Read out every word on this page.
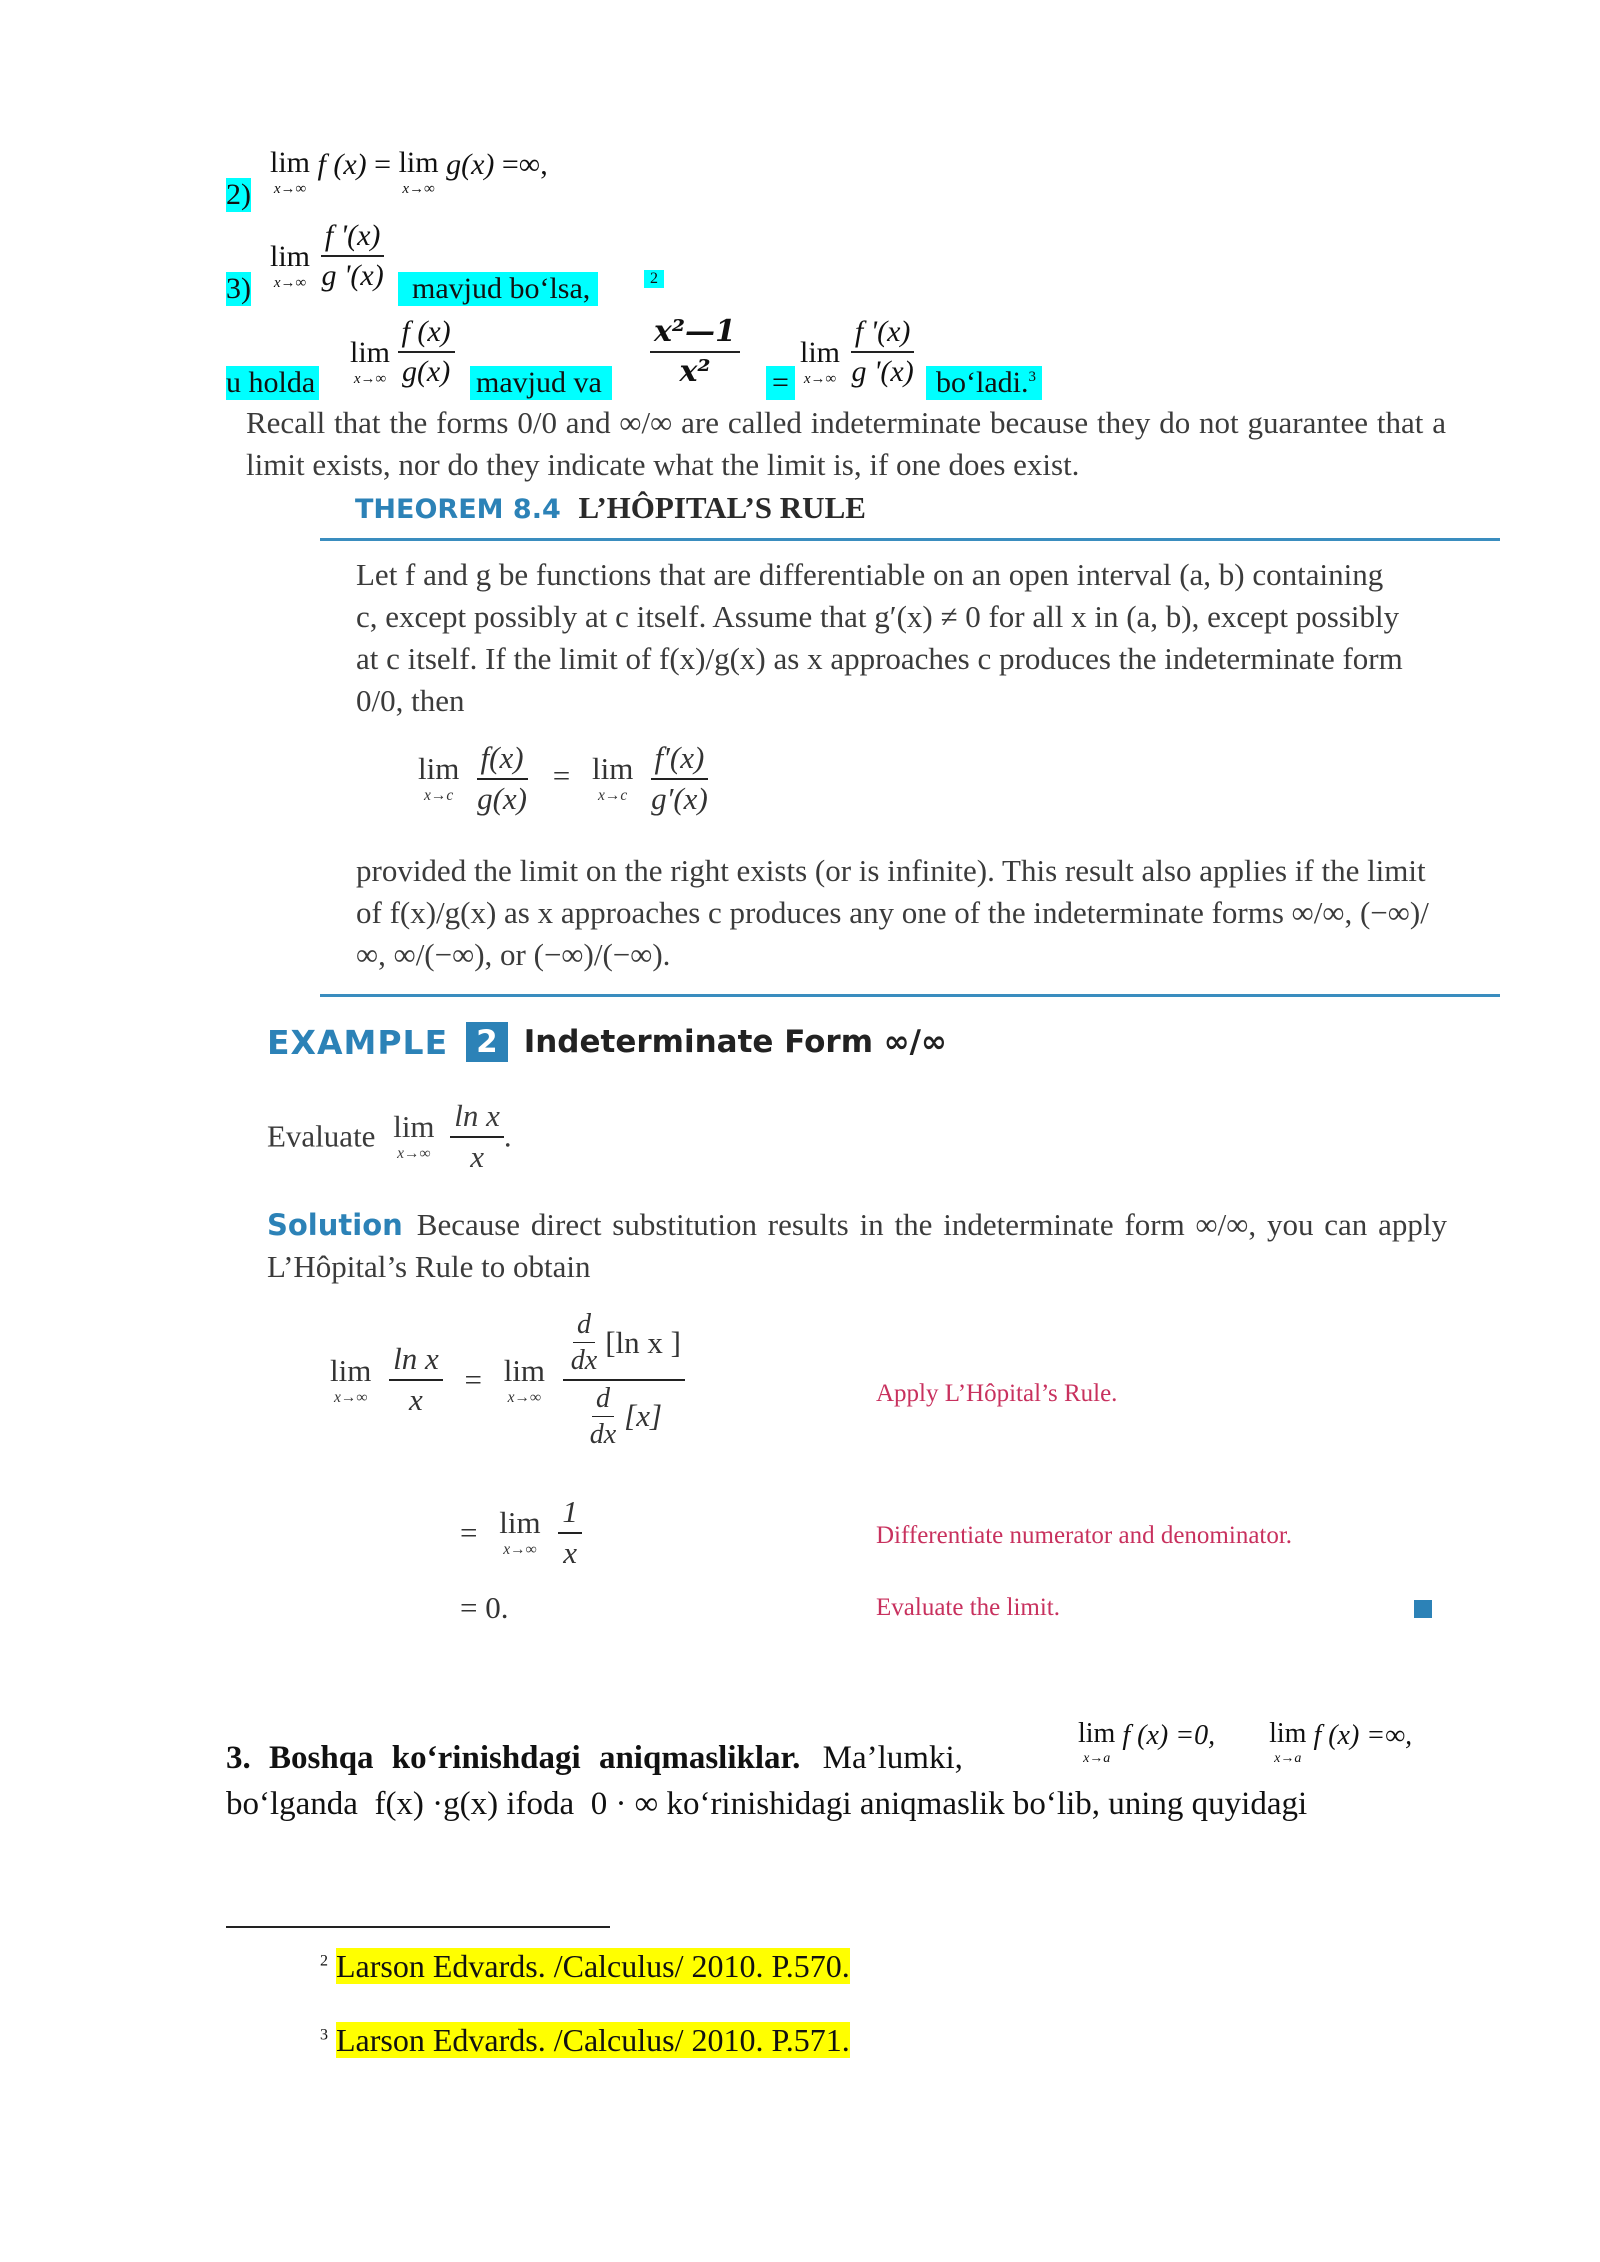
2)
lim
x→∞
f (x) = lim
x→∞
g(x) =∞,
3)
lim
x→∞
$\frac{f '(x)}{g '(x)}$ mavjud bo‘lsa,	2
u holda
lim
x→∞
$\frac{f (x)}{g(x)}$ mavjud va	$\frac{\text{x²—1}}{\text{x²}}$ =
lim
x→∞
$\frac{f '(x)}{g '(x)}$ bo‘ladi.$^3$
Recall that the forms 0/0 and ∞/∞ are called indeterminate because they do not guarantee that a limit exists, nor do they indicate what the limit is, if one does exist.
THEOREM 8.4 L’HÔPITAL’S RULE
Let f and g be functions that are differentiable on an open interval (a, b) containing c, except possibly at c itself. Assume that g′(x) ≠ 0 for all x in (a, b), except possibly at c itself. If the limit of f(x)/g(x) as x approaches c produces the indeterminate form 0/0, then
lim
x→c
$\frac{f(x)}{g(x)} = \lim$
x→c
$\frac{f'(x)}{g'(x)}$
provided the limit on the right exists (or is infinite). This result also applies if the limit of f(x)/g(x) as x approaches c produces any one of the indeterminate forms ∞/∞, (−∞)/∞, ∞/(−∞), or (−∞)/(−∞).
EXAMPLE 2 Indeterminate Form ∞/∞
Evaluate lim
x→∞
$\frac{\text{ln x}}{x}$ .
Solution Because direct substitution results in the indeterminate form ∞/∞, you can apply L’Hôpital’s Rule to obtain
lim
x→∞
$\frac{\text{ln x}}{x} = \lim$
x→∞
$\frac{\frac{d}{dx} [\ln x ]}{\frac{d}{dx} [x]}$	Apply L’Hôpital’s Rule.
= lim
x→∞
$\frac{1}{x}$	Differentiate numerator and denominator.
= 0.	Evaluate the limit.
lim
x→a
f (x) =0, lim
x→a
f (x) =∞,
3. Boshqa ko‘rinishdagi aniqmasliklar. Ma’lumki,
bo‘lganda  f(x) ·g(x) ifoda  0 · ∞ ko‘rinishidagi aniqmaslik bo‘lib, uning quyidagi
$^2$ Larson Edvards. /Calculus/ 2010. P.570.
$^3$ Larson Edvards. /Calculus/ 2010. P.571.
